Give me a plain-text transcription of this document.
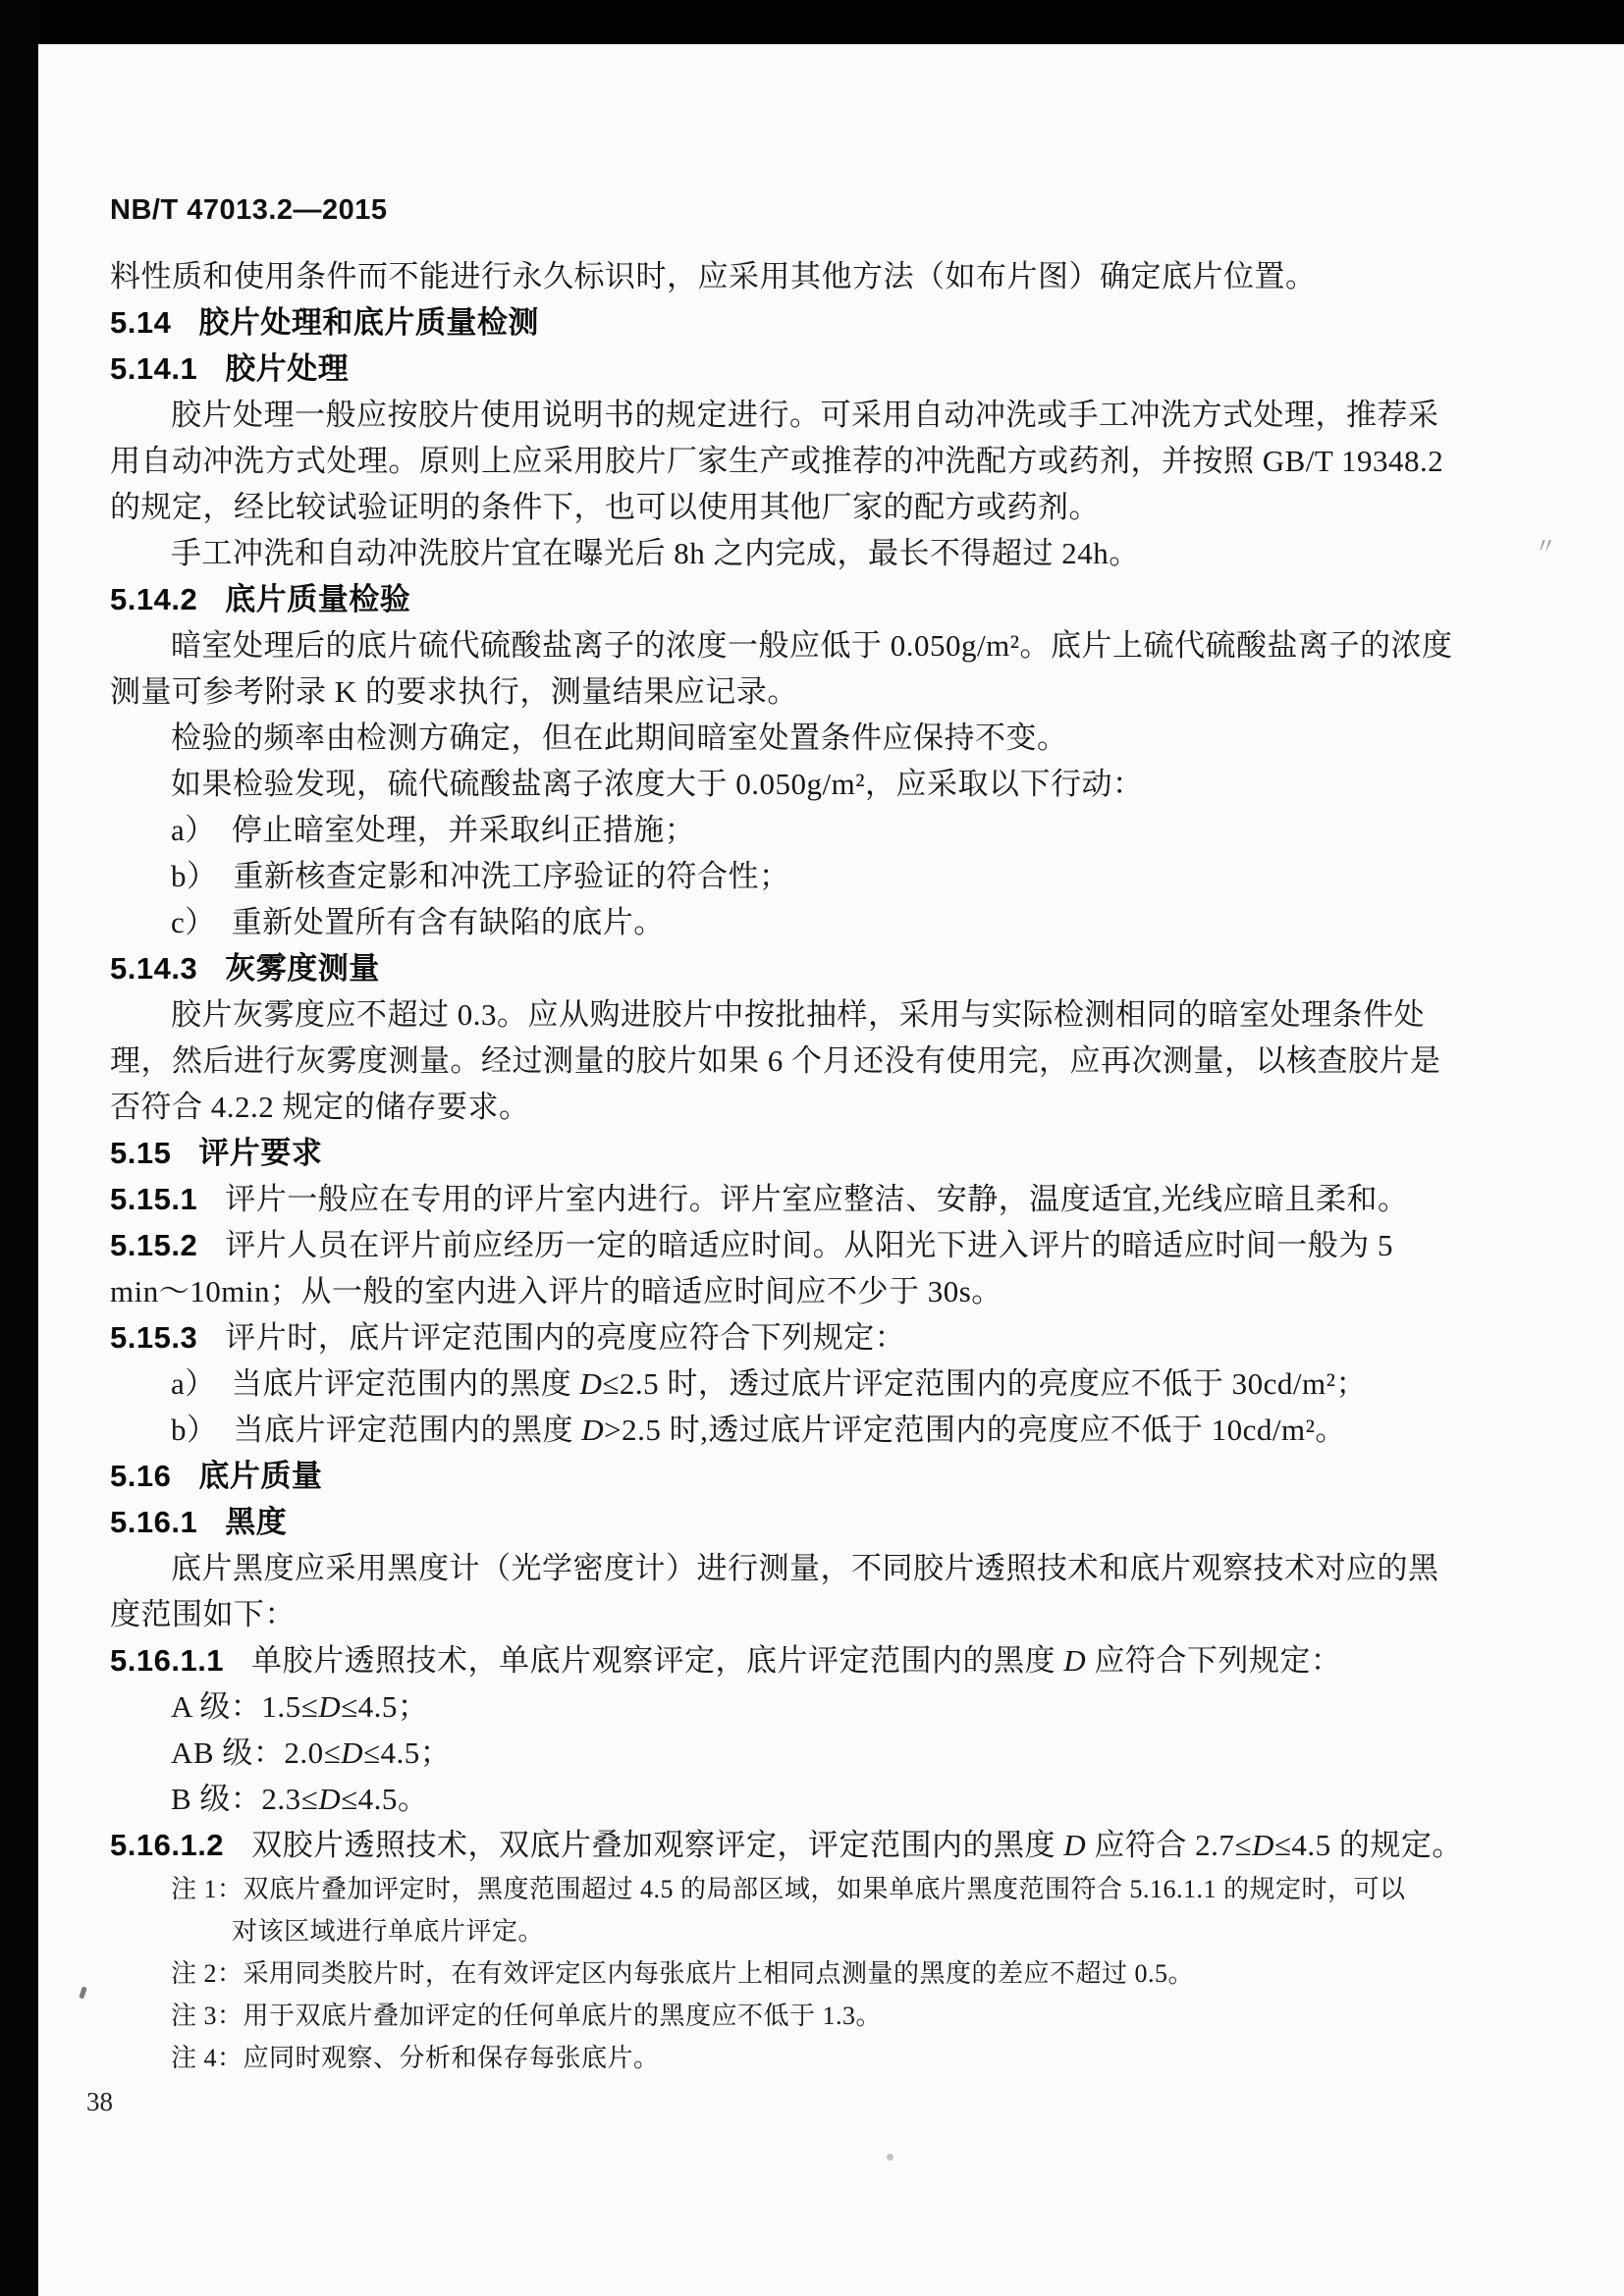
NB/T 47013.2—2015
料性质和使用条件而不能进行永久标识时，应采用其他方法（如布片图）确定底片位置。
5.14 胶片处理和底片质量检测
5.14.1 胶片处理
胶片处理一般应按胶片使用说明书的规定进行。可采用自动冲洗或手工冲洗方式处理，推荐采
用自动冲洗方式处理。原则上应采用胶片厂家生产或推荐的冲洗配方或药剂，并按照 GB/T 19348.2
的规定，经比较试验证明的条件下，也可以使用其他厂家的配方或药剂。
手工冲洗和自动冲洗胶片宜在曝光后 8h 之内完成，最长不得超过 24h。
5.14.2 底片质量检验
暗室处理后的底片硫代硫酸盐离子的浓度一般应低于 0.050g/m²。底片上硫代硫酸盐离子的浓度
测量可参考附录 K 的要求执行，测量结果应记录。
检验的频率由检测方确定，但在此期间暗室处置条件应保持不变。
如果检验发现，硫代硫酸盐离子浓度大于 0.050g/m²，应采取以下行动：
a）　停止暗室处理，并采取纠正措施；
b）　重新核查定影和冲洗工序验证的符合性；
c）　重新处置所有含有缺陷的底片。
5.14.3 灰雾度测量
胶片灰雾度应不超过 0.3。应从购进胶片中按批抽样，采用与实际检测相同的暗室处理条件处
理，然后进行灰雾度测量。经过测量的胶片如果 6 个月还没有使用完，应再次测量，以核查胶片是
否符合 4.2.2 规定的储存要求。
5.15 评片要求
5.15.1 评片一般应在专用的评片室内进行。评片室应整洁、安静，温度适宜,光线应暗且柔和。
5.15.2 评片人员在评片前应经历一定的暗适应时间。从阳光下进入评片的暗适应时间一般为 5
min～10min；从一般的室内进入评片的暗适应时间应不少于 30s。
5.15.3 评片时，底片评定范围内的亮度应符合下列规定：
a）　当底片评定范围内的黑度 D≤2.5 时，透过底片评定范围内的亮度应不低于 30cd/m²；
b）　当底片评定范围内的黑度 D>2.5 时,透过底片评定范围内的亮度应不低于 10cd/m²。
5.16 底片质量
5.16.1 黑度
底片黑度应采用黑度计（光学密度计）进行测量，不同胶片透照技术和底片观察技术对应的黑
度范围如下：
5.16.1.1 单胶片透照技术，单底片观察评定，底片评定范围内的黑度 D 应符合下列规定：
A 级：1.5≤D≤4.5；
AB 级：2.0≤D≤4.5；
B 级：2.3≤D≤4.5。
5.16.1.2 双胶片透照技术，双底片叠加观察评定，评定范围内的黑度 D 应符合 2.7≤D≤4.5 的规定。
注 1：双底片叠加评定时，黑度范围超过 4.5 的局部区域，如果单底片黑度范围符合 5.16.1.1 的规定时，可以
对该区域进行单底片评定。
注 2：采用同类胶片时，在有效评定区内每张底片上相同点测量的黑度的差应不超过 0.5。
注 3：用于双底片叠加评定的任何单底片的黑度应不低于 1.3。
注 4：应同时观察、分析和保存每张底片。
38
〃
